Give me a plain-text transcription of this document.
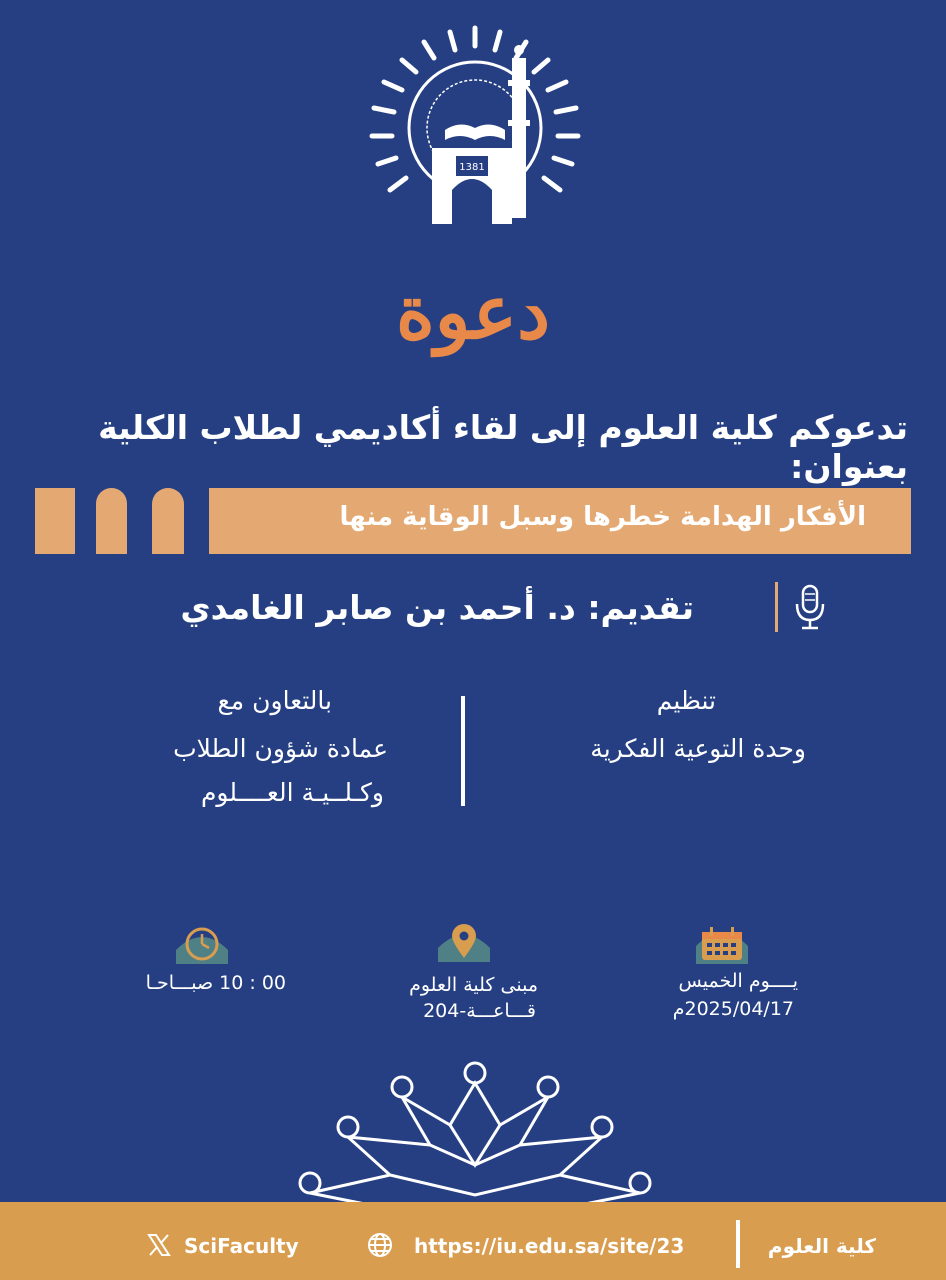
1381
دعوة
تدعوكم كلية العلوم إلى لقاء أكاديمي لطلاب الكلية بعنوان:
الأفكار الهدامة خطرها وسبل الوقاية منها
تقديم: د. أحمد بن صابر الغامدي
تنظيم
وحدة التوعية الفكرية
بالتعاون مع
عمادة شؤون الطلاب
وكـلــيـة العــــلوم
يــــوم الخميس
2025/04/17م
مبنى كلية العلوم
قـــاعـــة-204
00 : 10 صبـــاحـا
كلية العلوم
https://iu.edu.sa/site/23
SciFaculty
